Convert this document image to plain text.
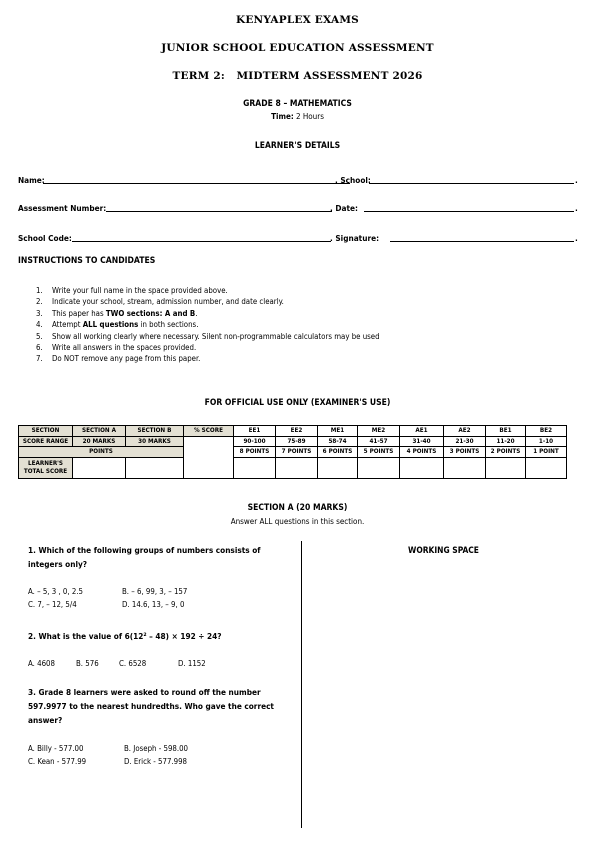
KENYAPLEX EXAMS
JUNIOR SCHOOL EDUCATION ASSESSMENT
TERM 2:   MIDTERM ASSESSMENT 2026
GRADE 8 – MATHEMATICS
Time: 2 Hours
LEARNER'S DETAILS
Name:	. School:	.
Assessment Number:	. Date:	.
School Code:	. Signature:	.
INSTRUCTIONS TO CANDIDATES
1. Write your full name in the space provided above.
2. Indicate your school, stream, admission number, and date clearly.
3. This paper has TWO sections: A and B.
4. Attempt ALL questions in both sections.
5. Show all working clearly where necessary. Silent non-programmable calculators may be used
6. Write all answers in the spaces provided.
7. Do NOT remove any page from this paper.
FOR OFFICIAL USE ONLY (EXAMINER'S USE)
SECTION	SECTION A	SECTION B	% SCORE	EE1	EE2	ME1	ME2	AE1	AE2	BE1	BE2
SCORE RANGE	20 MARKS	30 MARKS		90-100	75-89	58-74	41-57	31-40	21-30	11-20	1-10
POINTS				8 POINTS	7 POINTS	6 POINTS	5 POINTS	4 POINTS	3 POINTS	2 POINTS	1 POINT
LEARNER'S TOTAL SCORE											
SECTION A (20 MARKS)
Answer ALL questions in this section.
WORKING SPACE
1. Which of the following groups of numbers consists of integers only?
A. – 5, 3 , 0, 2.5	B. – 6, 99, 3, – 157
C. 7, – 12, 5/4	D. 14.6, 13, – 9, 0
2. What is the value of 6(12² – 48) × 192 ÷ 24?
A. 4608	B. 576	C. 6528	D. 1152
3. Grade 8 learners were asked to round off the number 597.9977 to the nearest hundredths. Who gave the correct answer?
A. Billy - 577.00	B. Joseph - 598.00
C. Kean - 577.99	D. Erick - 577.998
